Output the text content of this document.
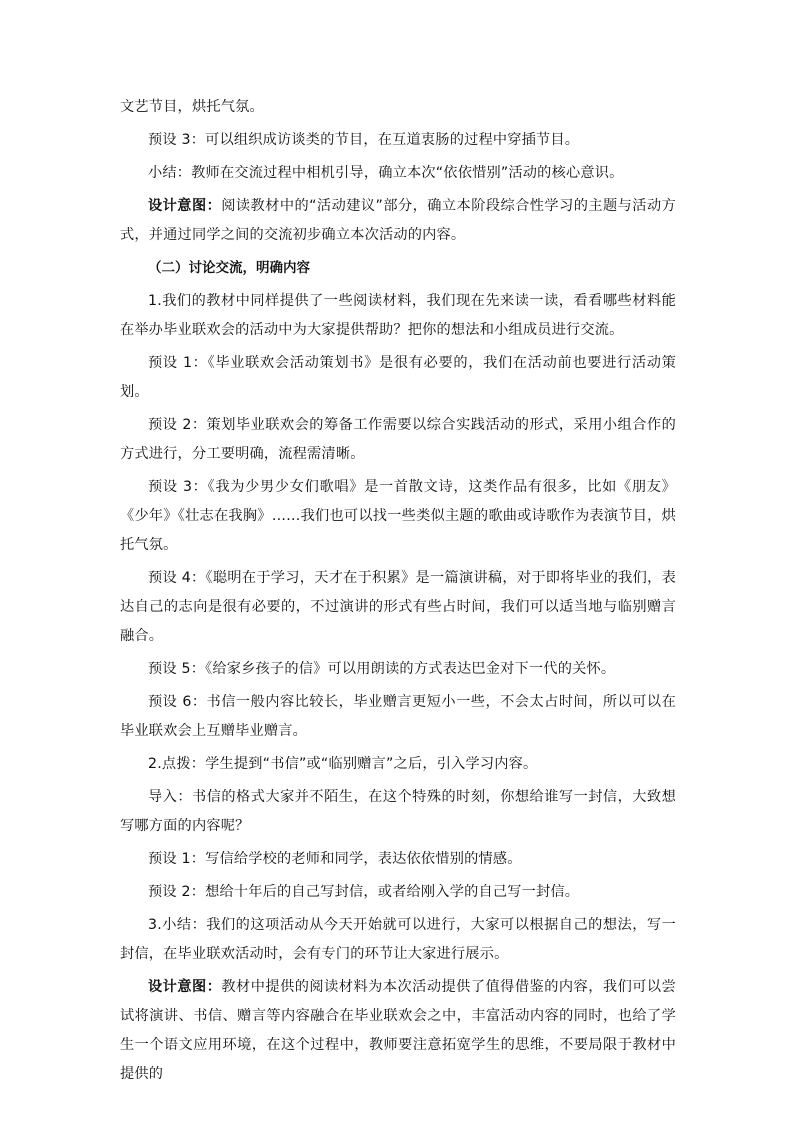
文艺节目，烘托气氛。

预设 3：可以组织成访谈类的节目，在互道衷肠的过程中穿插节目。

小结：教师在交流过程中相机引导，确立本次“依依惜别”活动的核心意识。

设计意图：阅读教材中的“活动建议”部分，确立本阶段综合性学习的主题与活动方式，并通过同学之间的交流初步确立本次活动的内容。

（二）讨论交流，明确内容

1.我们的教材中同样提供了一些阅读材料，我们现在先来读一读，看看哪些材料能在举办毕业联欢会的活动中为大家提供帮助？把你的想法和小组成员进行交流。

预设 1：《毕业联欢会活动策划书》是很有必要的，我们在活动前也要进行活动策划。

预设 2：策划毕业联欢会的筹备工作需要以综合实践活动的形式，采用小组合作的方式进行，分工要明确，流程需清晰。

预设 3：《我为少男少女们歌唱》是一首散文诗，这类作品有很多，比如《朋友》《少年》《壮志在我胸》……我们也可以找一些类似主题的歌曲或诗歌作为表演节目，烘托气氛。

预设 4：《聪明在于学习，天才在于积累》是一篇演讲稿，对于即将毕业的我们，表达自己的志向是很有必要的，不过演讲的形式有些占时间，我们可以适当地与临别赠言融合。

预设 5：《给家乡孩子的信》可以用朗读的方式表达巴金对下一代的关怀。

预设 6：书信一般内容比较长，毕业赠言更短小一些，不会太占时间，所以可以在毕业联欢会上互赠毕业赠言。

2.点拨：学生提到“书信”或“临别赠言”之后，引入学习内容。

导入：书信的格式大家并不陌生，在这个特殊的时刻，你想给谁写一封信，大致想写哪方面的内容呢？

预设 1：写信给学校的老师和同学，表达依依惜别的情感。

预设 2：想给十年后的自己写封信，或者给刚入学的自己写一封信。

3.小结：我们的这项活动从今天开始就可以进行，大家可以根据自己的想法，写一封信，在毕业联欢活动时，会有专门的环节让大家进行展示。

设计意图：教材中提供的阅读材料为本次活动提供了值得借鉴的内容，我们可以尝试将演讲、书信、赠言等内容融合在毕业联欢会之中，丰富活动内容的同时，也给了学生一个语文应用环境，在这个过程中，教师要注意拓宽学生的思维，不要局限于教材中提供的
